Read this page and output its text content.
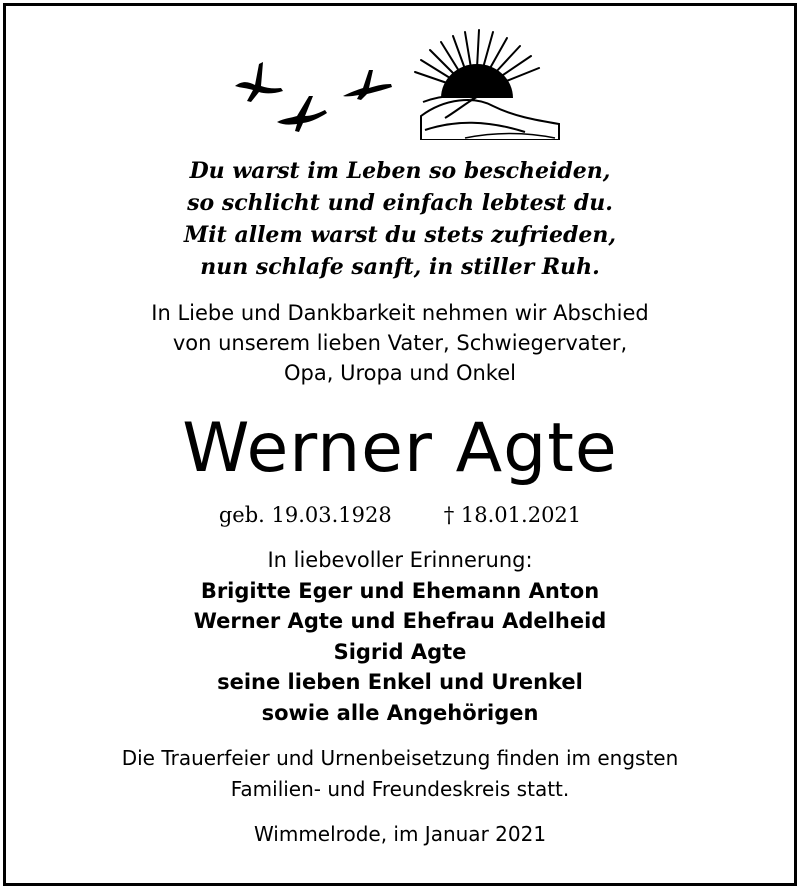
Du warst im Leben so bescheiden,
so schlicht und einfach lebtest du.
Mit allem warst du stets zufrieden,
nun schlafe sanft, in stiller Ruh.
In Liebe und Dankbarkeit nehmen wir Abschied
von unserem lieben Vater, Schwiegervater,
Opa, Uropa und Onkel
Werner Agte
geb. 19.03.1928 † 18.01.2021
In liebevoller Erinnerung:
Brigitte Eger und Ehemann Anton
Werner Agte und Ehefrau Adelheid
Sigrid Agte
seine lieben Enkel und Urenkel
sowie alle Angehörigen
Die Trauerfeier und Urnenbeisetzung finden im engsten
Familien- und Freundeskreis statt.
Wimmelrode, im Januar 2021
